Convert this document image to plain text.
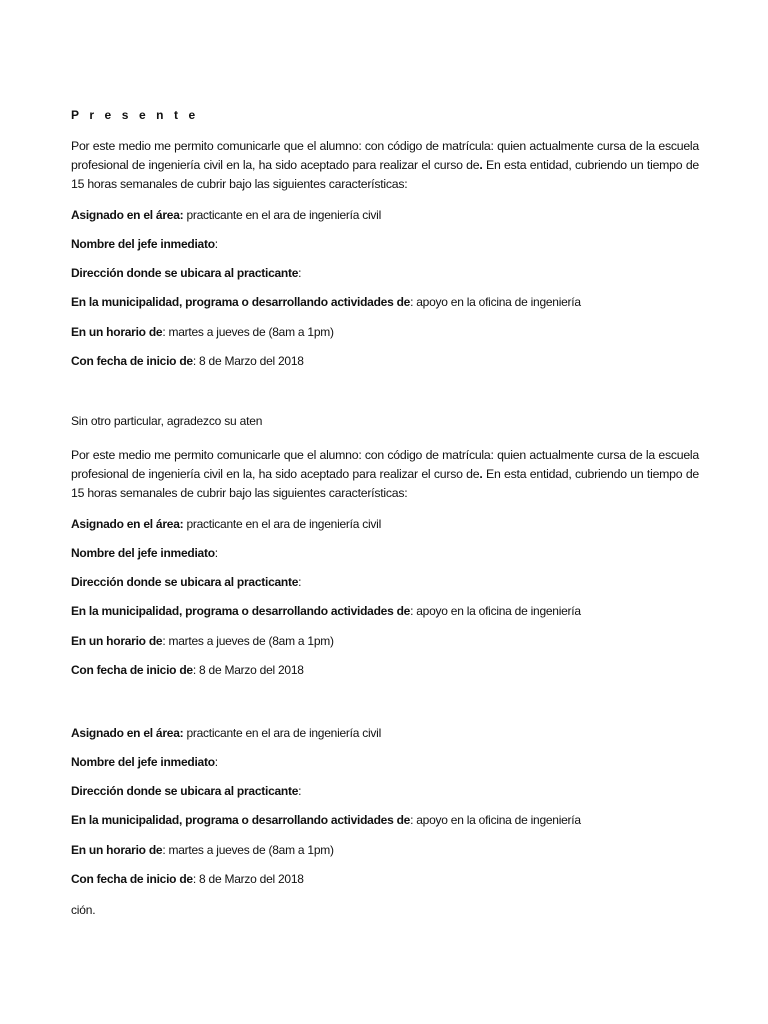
P r e s e n t e
Por este medio me permito comunicarle que el alumno: con código de matrícula: quien actualmente cursa de la escuela profesional de ingeniería civil en la, ha sido aceptado para realizar el curso de. En esta entidad, cubriendo un tiempo de 15 horas semanales de cubrir bajo las siguientes características:
Asignado en el área: practicante en el ara de ingeniería civil
Nombre del jefe inmediato:
Dirección donde se ubicara al practicante:
En la municipalidad, programa o desarrollando actividades de: apoyo en la oficina de ingeniería
En un horario de: martes a jueves de (8am a 1pm)
Con fecha de inicio de: 8 de Marzo del 2018
Sin otro particular, agradezco su aten
Por este medio me permito comunicarle que el alumno: con código de matrícula: quien actualmente cursa de la escuela profesional de ingeniería civil en la, ha sido aceptado para realizar el curso de. En esta entidad, cubriendo un tiempo de 15 horas semanales de cubrir bajo las siguientes características:
Asignado en el área: practicante en el ara de ingeniería civil
Nombre del jefe inmediato:
Dirección donde se ubicara al practicante:
En la municipalidad, programa o desarrollando actividades de: apoyo en la oficina de ingeniería
En un horario de: martes a jueves de (8am a 1pm)
Con fecha de inicio de: 8 de Marzo del 2018
Asignado en el área: practicante en el ara de ingeniería civil
Nombre del jefe inmediato:
Dirección donde se ubicara al practicante:
En la municipalidad, programa o desarrollando actividades de: apoyo en la oficina de ingeniería
En un horario de: martes a jueves de (8am a 1pm)
Con fecha de inicio de: 8 de Marzo del 2018
ción.
